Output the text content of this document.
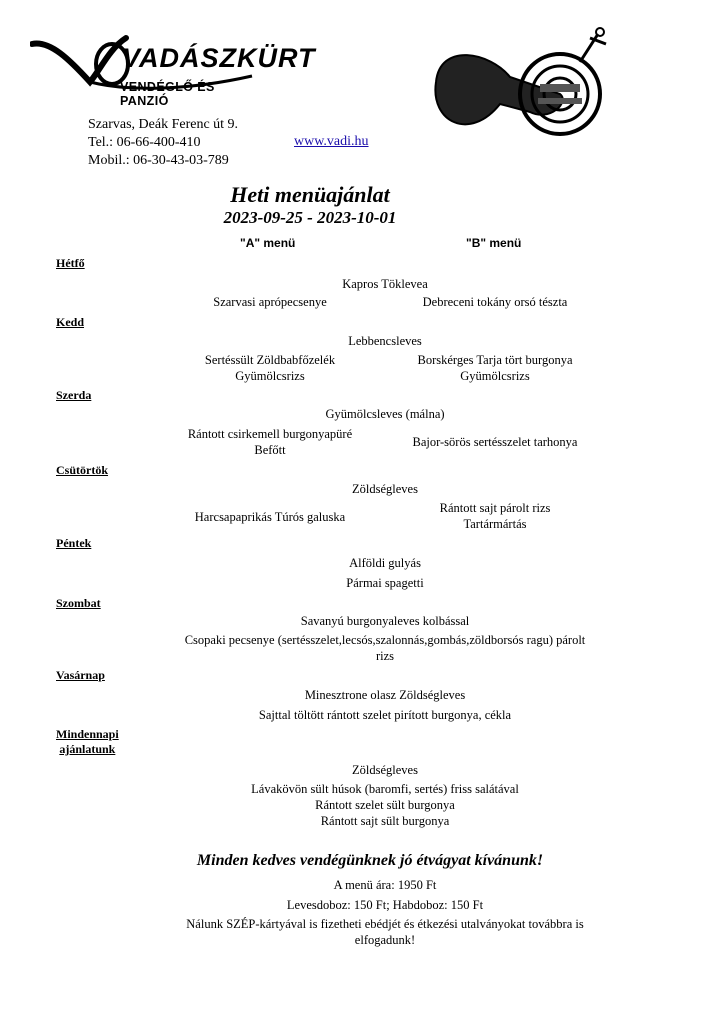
VADÁSZKÜRT
VENDÉGLŐ ÉS PANZIÓ
Szarvas, Deák Ferenc út 9.
Tel.: 06-66-400-410
Mobil.: 06-30-43-03-789
www.vadi.hu
Heti menüajánlat
2023-09-25 - 2023-10-01
"A" menü	"B" menü
Hétfő
Kapros Töklevea
Szarvasi aprópecsenye	Debreceni tokány orsó tészta
Kedd
Lebbencsleves
Sertéssült Zöldbabfőzelék
Gyümölcsrizs
Borskérges Tarja tört burgonya
Gyümölcsrizs
Szerda
Gyümölcsleves (málna)
Rántott csirkemell burgonyapüré
Befőtt
Bajor-sörös sertésszelet tarhonya
Csütörtök
Zöldségleves
Harcsapaprikás Túrós galuska
Rántott sajt párolt rizs
Tartármártás
Péntek
Alföldi gulyás
Pármai spagetti
Szombat
Savanyú burgonyaleves kolbással
Csopaki pecsenye (sertésszelet,lecsós,szalonnás,gombás,zöldborsós ragu) párolt
rizs
Vasárnap
Minesztrone olasz Zöldségleves
Sajttal töltött rántott szelet pirított burgonya, cékla
Mindennapi
ajánlatunk
Zöldségleves
Lávakövön sült húsok (baromfi, sertés) friss salátával
Rántott szelet sült burgonya
Rántott sajt sült burgonya
Minden kedves vendégünknek jó étvágyat kívánunk!
A menü ára: 1950 Ft
Levesdoboz: 150 Ft; Habdoboz: 150 Ft
Nálunk SZÉP-kártyával is fizetheti ebédjét és étkezési utalványokat továbbra is
elfogadunk!
